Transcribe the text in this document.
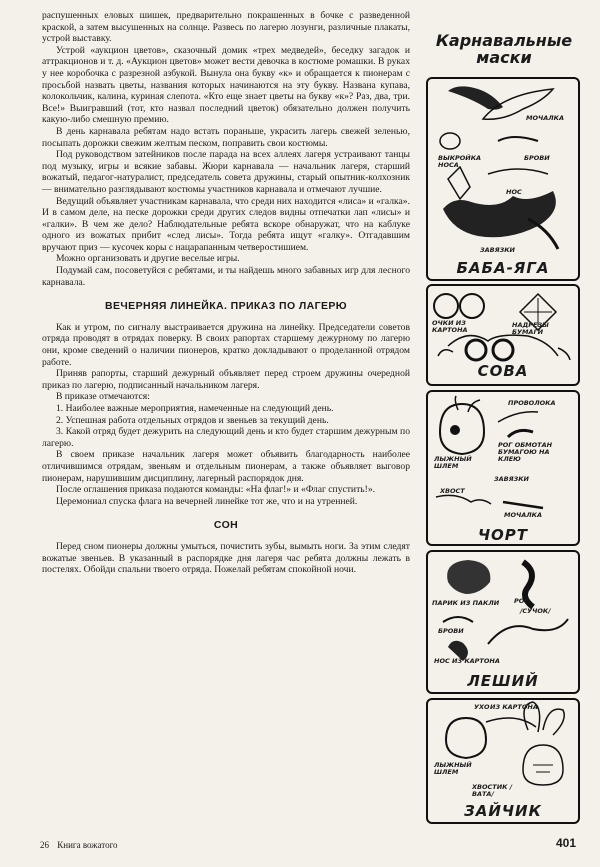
распушенных еловых шишек, предварительно покрашенных в бочке с разведенной краской, а затем высушенных на солнце. Развесь по лагерю лозунги, различные плакаты, устрой выставку.

Устрой «аукцион цветов», сказочный домик «трех медведей», беседку загадок и аттракционов и т. д. «Аукцион цветов» может вести девочка в костюме ромашки. В руках у нее коробочка с разрезной азбукой. Вынула она букву «к» и обращается к пионерам с просьбой назвать цветы, названия которых начинаются на эту букву. Названа купава, колокольчик, калина, куриная слепота. «Кто еще знает цветы на букву «к»? Раз, два, три. Все!» Выигравший (тот, кто назвал последний цветок) обязательно должен получить какую-либо смешную премию.

В день карнавала ребятам надо встать пораньше, украсить лагерь свежей зеленью, посыпать дорожки свежим желтым песком, поправить свои костюмы.

Под руководством затейников после парада на всех аллеях лагеря устраивают танцы под музыку, игры и всякие забавы. Жюри карнавала — начальник лагеря, старший вожатый, педагог-натуралист, председатель совета дружины, старый опытник-колхозник — внимательно разглядывают костюмы участников карнавала и отмечают лучшие.

Ведущий объявляет участникам карнавала, что среди них находится «лиса» и «галка». И в самом деле, на песке дорожки среди других следов видны отпечатки лап «лисы» и «галки». В чем же дело? Наблюдательные ребята вскоре обнаружат, что на каблуке одного из вожатых прибит «след лисы». Тогда ребята ищут «галку». Отгадавшим вручают приз — кусочек коры с нацарапанным четверостишием.

Можно организовать и другие веселые игры.

Подумай сам, посоветуйся с ребятами, и ты найдешь много забавных игр для лесного карнавала.

ВЕЧЕРНЯЯ ЛИНЕЙКА. ПРИКАЗ ПО ЛАГЕРЮ

Как и утром, по сигналу выстраивается дружина на линейку. Председатели советов отряда проводят в отрядах поверку. В своих рапортах старшему дежурному по лагерю они, кроме сведений о наличии пионеров, кратко докладывают о проделанной отрядом работе.

Приняв рапорты, старший дежурный объявляет перед строем дружины очередной приказ по лагерю, подписанный начальником лагеря.

В приказе отмечаются:

1. Наиболее важные мероприятия, намеченные на следующий день.

2. Успешная работа отдельных отрядов и звеньев за текущий день.

3. Какой отряд будет дежурить на следующий день и кто будет старшим дежурным по лагерю.

В своем приказе начальник лагеря может объявить благодарность наиболее отличившимся отрядам, звеньям и отдельным пионерам, а также объявляет выговор пионерам, нарушившим дисциплину, лагерный распорядок дня.

После оглашения приказа подаются команды: «На флаг!» и «Флаг спустить!».

Церемониал спуска флага на вечерней линейке тот же, что и на утренней.

СОН

Перед сном пионеры должны умыться, почистить зубы, вымыть ноги. За этим следят вожатые звеньев. В указанный в распорядке дня лагеря час ребята должны лежать в постелях. Обойди спальни твоего отряда. Пожелай ребятам спокойной ночи.

26 Книга вожатого	401
Карнавальные
маски
МОЧАЛКА
ВЫКРОЙКА НОСА
БРОВИ
НОС
ЗАВЯЗКИ
БАБА-ЯГА
ОЧКИ ИЗ КАРТОНА
НАДРЕЗЫ БУМАГИ
СОВА
ПРОВОЛОКА
РОГ ОБМОТАН БУМАГОЮ НА КЛЕЮ
ЛЫЖНЫЙ ШЛЕМ
ЗАВЯЗКИ
ХВОСТ
МОЧАЛКА
ЧОРТ
ПАРИК ИЗ ПАКЛИ РОГ
/СУЧОК/
БРОВИ
НОС ИЗ КАРТОНА
ЛЕШИЙ
УХО ИЗ КАРТОНА
ЛЫЖНЫЙ ШЛЕМ
ХВОСТИК /ВАТА/
ЗАЙЧИК
